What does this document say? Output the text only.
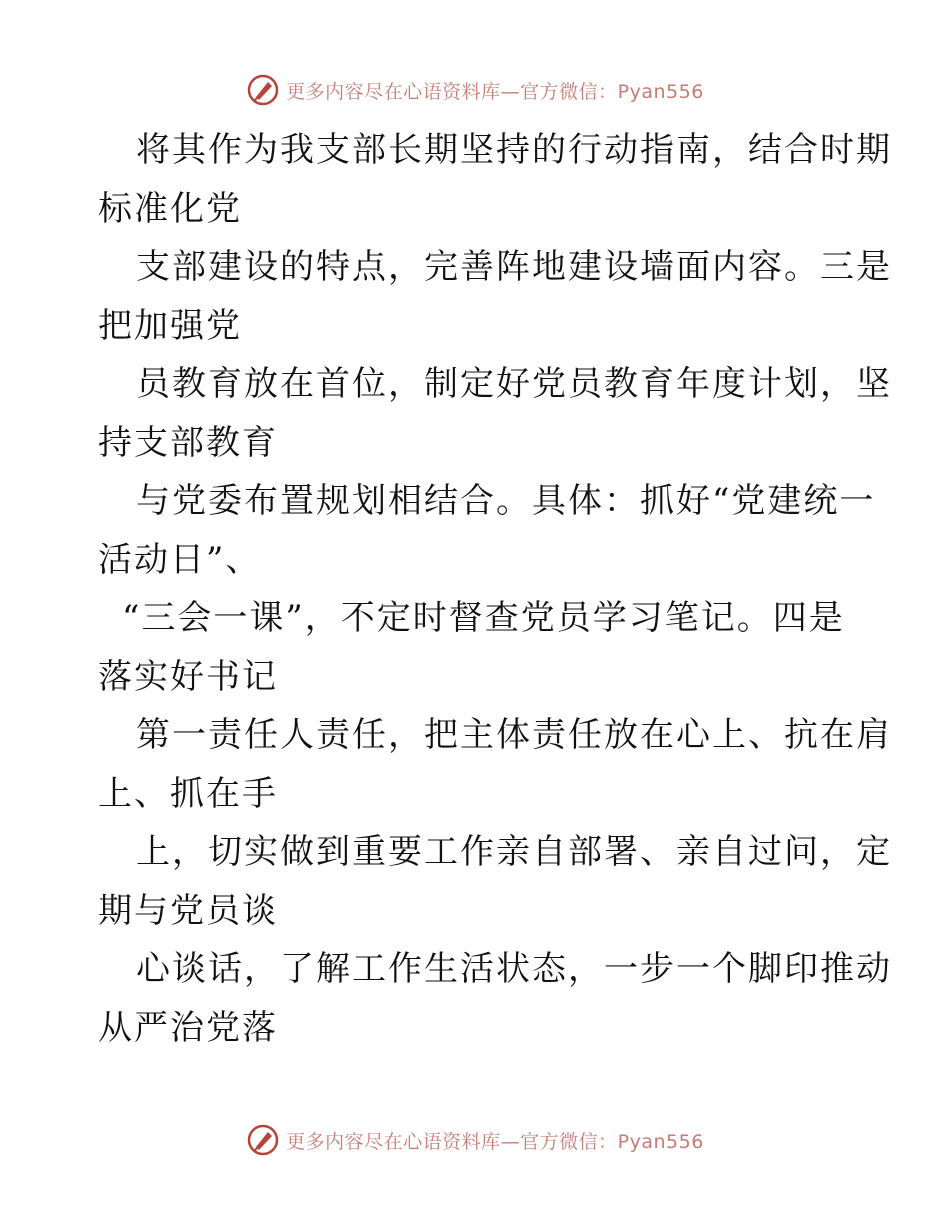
更多内容尽在心语资料库—官方微信：Pyan556
将其作为我支部长期坚持的行动指南，结合时期
标准化党
支部建设的特点，完善阵地建设墙面内容。三是
把加强党
员教育放在首位，制定好党员教育年度计划，坚
持支部教育
与党委布置规划相结合。具体：抓好“党建统一
活动日”、
“三会一课”，不定时督查党员学习笔记。四是
落实好书记
第一责任人责任，把主体责任放在心上、抗在肩
上、抓在手
上，切实做到重要工作亲自部署、亲自过问，定
期与党员谈
心谈话，了解工作生活状态，一步一个脚印推动
从严治党落
更多内容尽在心语资料库—官方微信：Pyan556
